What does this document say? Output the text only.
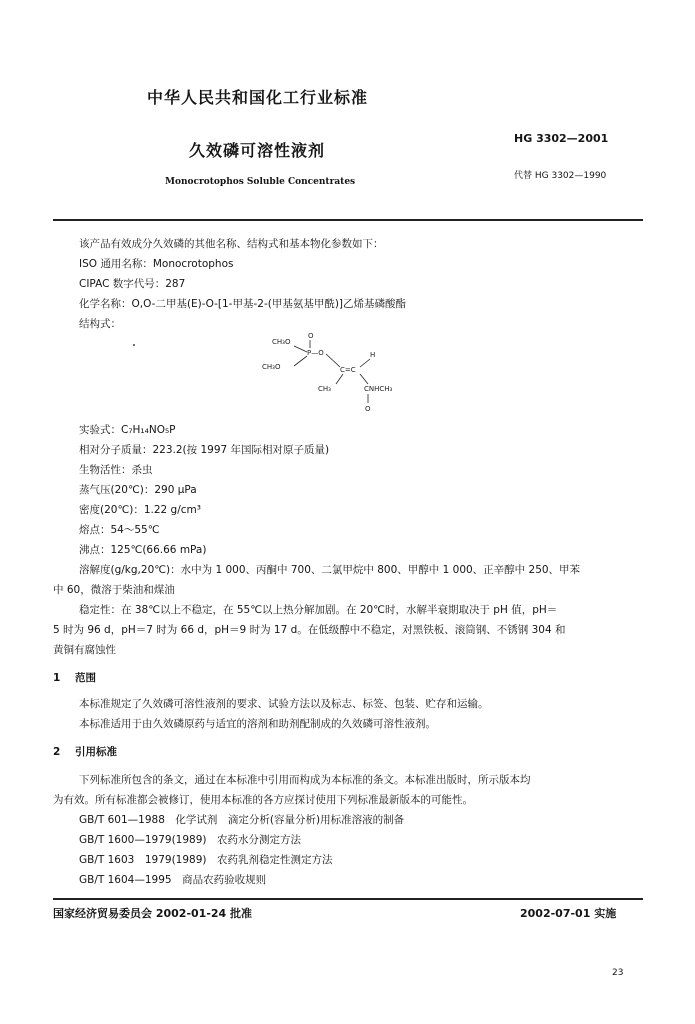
中华人民共和国化工行业标准
久效磷可溶性液剂
Monocrotophos Soluble Concentrates
HG 3302—2001
代替 HG 3302—1990
该产品有效成分久效磷的其他名称、结构式和基本物化参数如下：
ISO 通用名称：Monocrotophos
CIPAC 数字代号：287
化学名称：O,O-二甲基(E)-O-[1-甲基-2-(甲基氨基甲酰)]乙烯基磷酸酯
结构式：
CH₃O
O
P—O	H
CH₃O	C=C
CH₃	CNHCH₃
O
实验式：C₇H₁₄NO₅P
相对分子质量：223.2(按 1997 年国际相对原子质量)
生物活性：杀虫
蒸气压(20℃)：290 μPa
密度(20℃)：1.22 g/cm³
熔点：54～55℃
沸点：125℃(66.66 mPa)
溶解度(g/kg,20℃)：水中为 1 000、丙酮中 700、二氯甲烷中 800、甲醇中 1 000、正辛醇中 250、甲苯
中 60，微溶于柴油和煤油
稳定性：在 38℃以上不稳定，在 55℃以上热分解加剧。在 20℃时，水解半衰期取决于 pH 值，pH＝
5 时为 96 d，pH＝7 时为 66 d，pH＝9 时为 17 d。在低级醇中不稳定，对黑铁板、滚筒钢、不锈钢 304 和
黄铜有腐蚀性
1 范围
本标准规定了久效磷可溶性液剂的要求、试验方法以及标志、标签、包装、贮存和运输。
本标准适用于由久效磷原药与适宜的溶剂和助剂配制成的久效磷可溶性液剂。
2 引用标准
下列标准所包含的条文，通过在本标准中引用而构成为本标准的条文。本标准出版时，所示版本均
为有效。所有标准都会被修订，使用本标准的各方应探讨使用下列标准最新版本的可能性。
GB/T 601—1988　化学试剂　滴定分析(容量分析)用标准溶液的制备
GB/T 1600—1979(1989)　农药水分测定方法
GB/T 1603　1979(1989)　农药乳剂稳定性测定方法
GB/T 1604—1995　商品农药验收规则
国家经济贸易委员会 2002-01-24 批准	2002-07-01 实施
23
